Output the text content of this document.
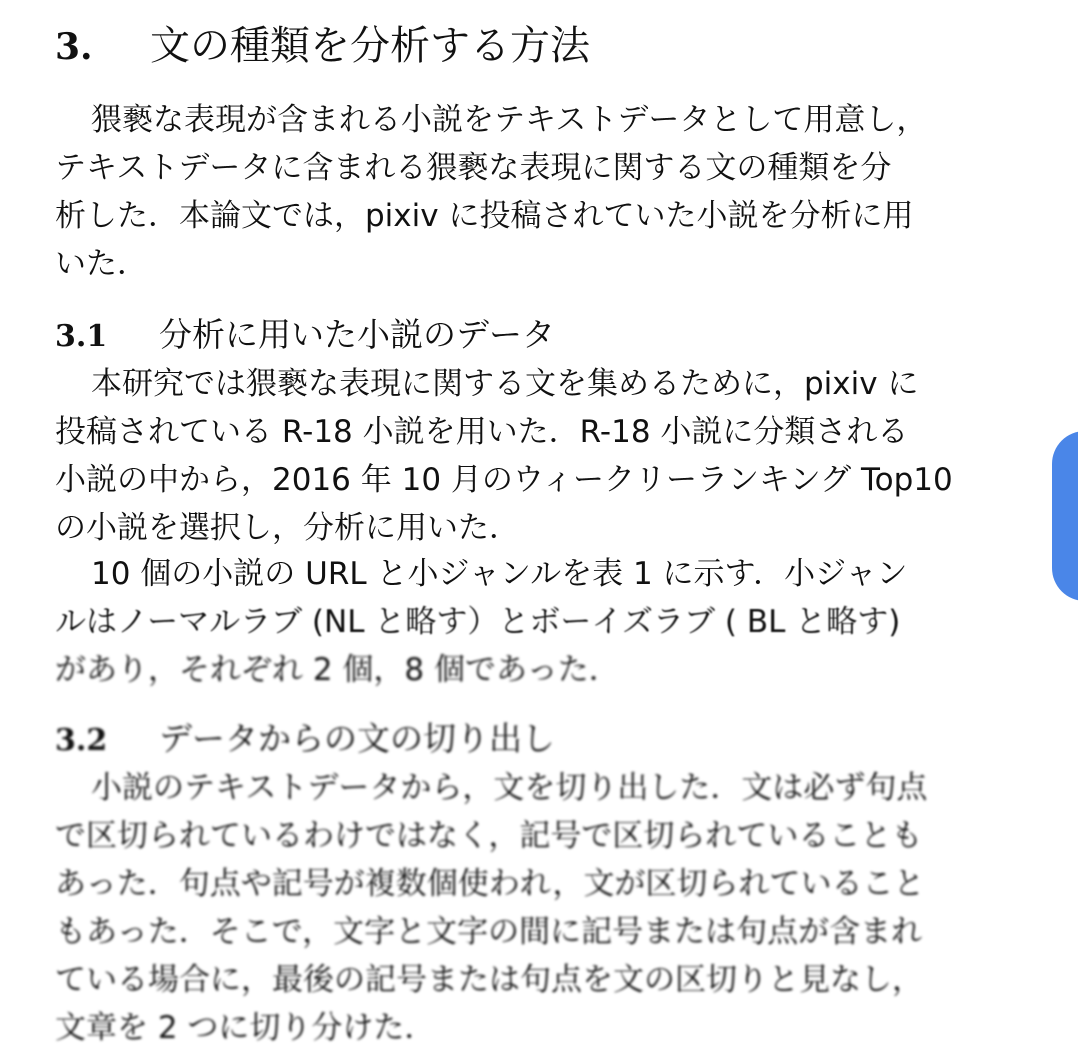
3.	文の種類を分析する方法
猥褻な表現が含まれる小説をテキストデータとして用意し，
テキストデータに含まれる猥褻な表現に関する文の種類を分
析した．本論文では，pixiv に投稿されていた小説を分析に用
いた．
3.1	分析に用いた小説のデータ
本研究では猥褻な表現に関する文を集めるために，pixiv に
投稿されている R-18 小説を用いた．R-18 小説に分類される
小説の中から，2016 年 10 月のウィークリーランキング Top10
の小説を選択し，分析に用いた．
10 個の小説の URL と小ジャンルを表 1 に示す．小ジャン
ルはノーマルラブ (NL と略す）とボーイズラブ ( BL と略す)
があり，それぞれ 2 個，8 個であった．
3.2	データからの文の切り出し
小説のテキストデータから，文を切り出した．文は必ず句点
で区切られているわけではなく，記号で区切られていることも
あった．句点や記号が複数個使われ，文が区切られていること
もあった．そこで，文字と文字の間に記号または句点が含まれ
ている場合に，最後の記号または句点を文の区切りと見なし，
文章を 2 つに切り分けた．
